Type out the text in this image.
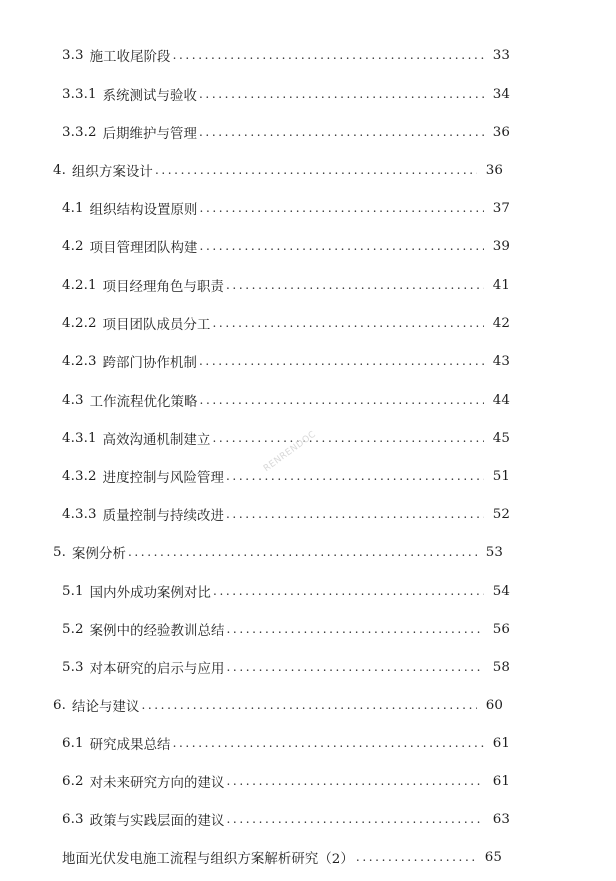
3.3 施工收尾阶段 .....	33
3.3.1 系统测试与验收 .....	34
3.3.2 后期维护与管理 .....	36
4. 组织方案设计 .....	36
4.1 组织结构设置原则 .....	37
4.2 项目管理团队构建 .....	39
4.2.1 项目经理角色与职责 .....	41
4.2.2 项目团队成员分工 .....	42
4.2.3 跨部门协作机制 .....	43
4.3 工作流程优化策略 .....	44
4.3.1 高效沟通机制建立 .....	45
4.3.2 进度控制与风险管理 .....	51
4.3.3 质量控制与持续改进 .....	52
5. 案例分析 .....	53
5.1 国内外成功案例对比 .....	54
5.2 案例中的经验教训总结 .....	56
5.3 对本研究的启示与应用 .....	58
6. 结论与建议 .....	60
6.1 研究成果总结 .....	61
6.2 对未来研究方向的建议 .....	61
6.3 政策与实践层面的建议 .....	63
地面光伏发电施工流程与组织方案解析研究（2） .....	65
RENRENDOC
